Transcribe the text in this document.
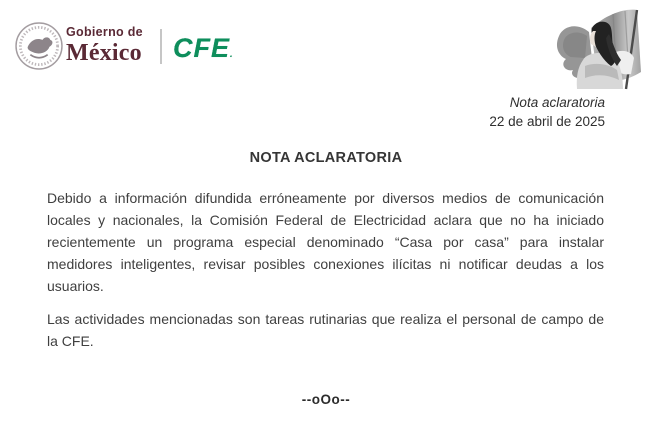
Gobierno de
México CFE.
Nota aclaratoria
22 de abril de 2025
NOTA ACLARATORIA

Debido a información difundida erróneamente por diversos medios de comunicación locales y nacionales, la Comisión Federal de Electricidad aclara que no ha iniciado recientemente un programa especial denominado “Casa por casa” para instalar medidores inteligentes, revisar posibles conexiones ilícitas ni notificar deudas a los usuarios.

Las actividades mencionadas son tareas rutinarias que realiza el personal de campo de la CFE.

--oOo--
